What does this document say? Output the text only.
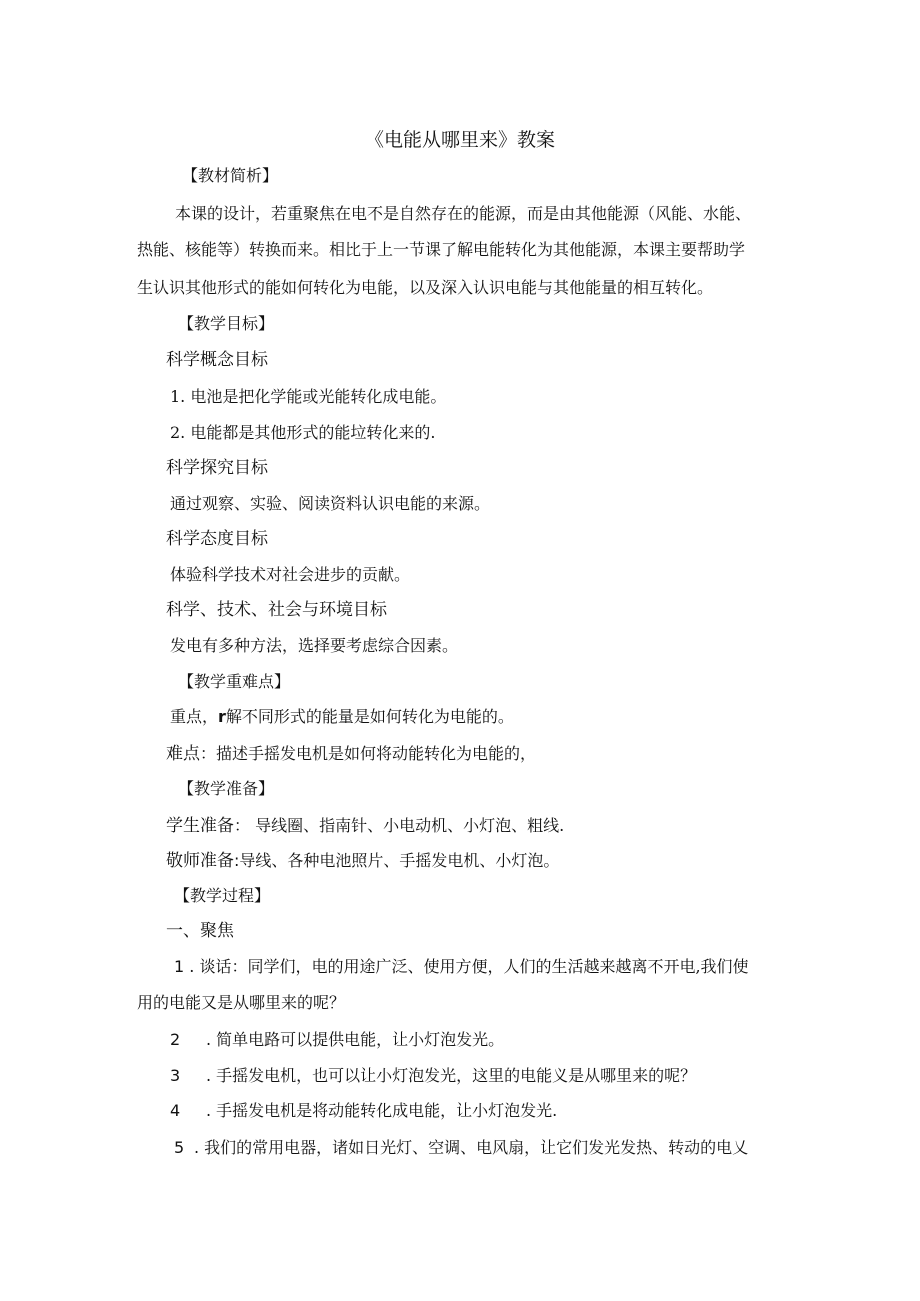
《电能从哪里来》教案
【教材简析】
本课的设计，若重聚焦在电不是自然存在的能源，而是由其他能源（风能、水能、
热能、核能等）转换而来。相比于上一节课了解电能转化为其他能源，本课主要帮助学
生认识其他形式的能如何转化为电能，以及深入认识电能与其他能量的相互转化。
【教学目标】
科学概念目标
1. 电池是把化学能或光能转化成电能。
2. 电能都是其他形式的能垃转化来的.
科学探究目标
通过观察、实验、阅读资料认识电能的来源。
科学态度目标
体验科学技术对社会进步的贡献。
科学、技术、社会与环境目标
发电有多种方法，选择要考虑综合因素。
【教学重难点】
重点，r解不同形式的能量是如何转化为电能的。
难点：描述手摇发电机是如何将动能转化为电能的，
【教学准备】
学生准备： 导线圈、指南针、小电动机、小灯泡、粗线.
敬师准备:导线、各种电池照片、手摇发电机、小灯泡。
【教学过程】
一、聚焦
1 . 谈话：同学们，电的用途广泛、使用方便，人们的生活越来越离不开电,我们使
用的电能又是从哪里来的呢？
2 . 简单电路可以提供电能，让小灯泡发光。
3 . 手摇发电机，也可以让小灯泡发光，这里的电能义是从哪里来的呢？
4 . 手摇发电机是将动能转化成电能，让小灯泡发光.
5 . 我们的常用电器，诸如日光灯、空调、电风扇，让它们发光发热、转动的电乂
